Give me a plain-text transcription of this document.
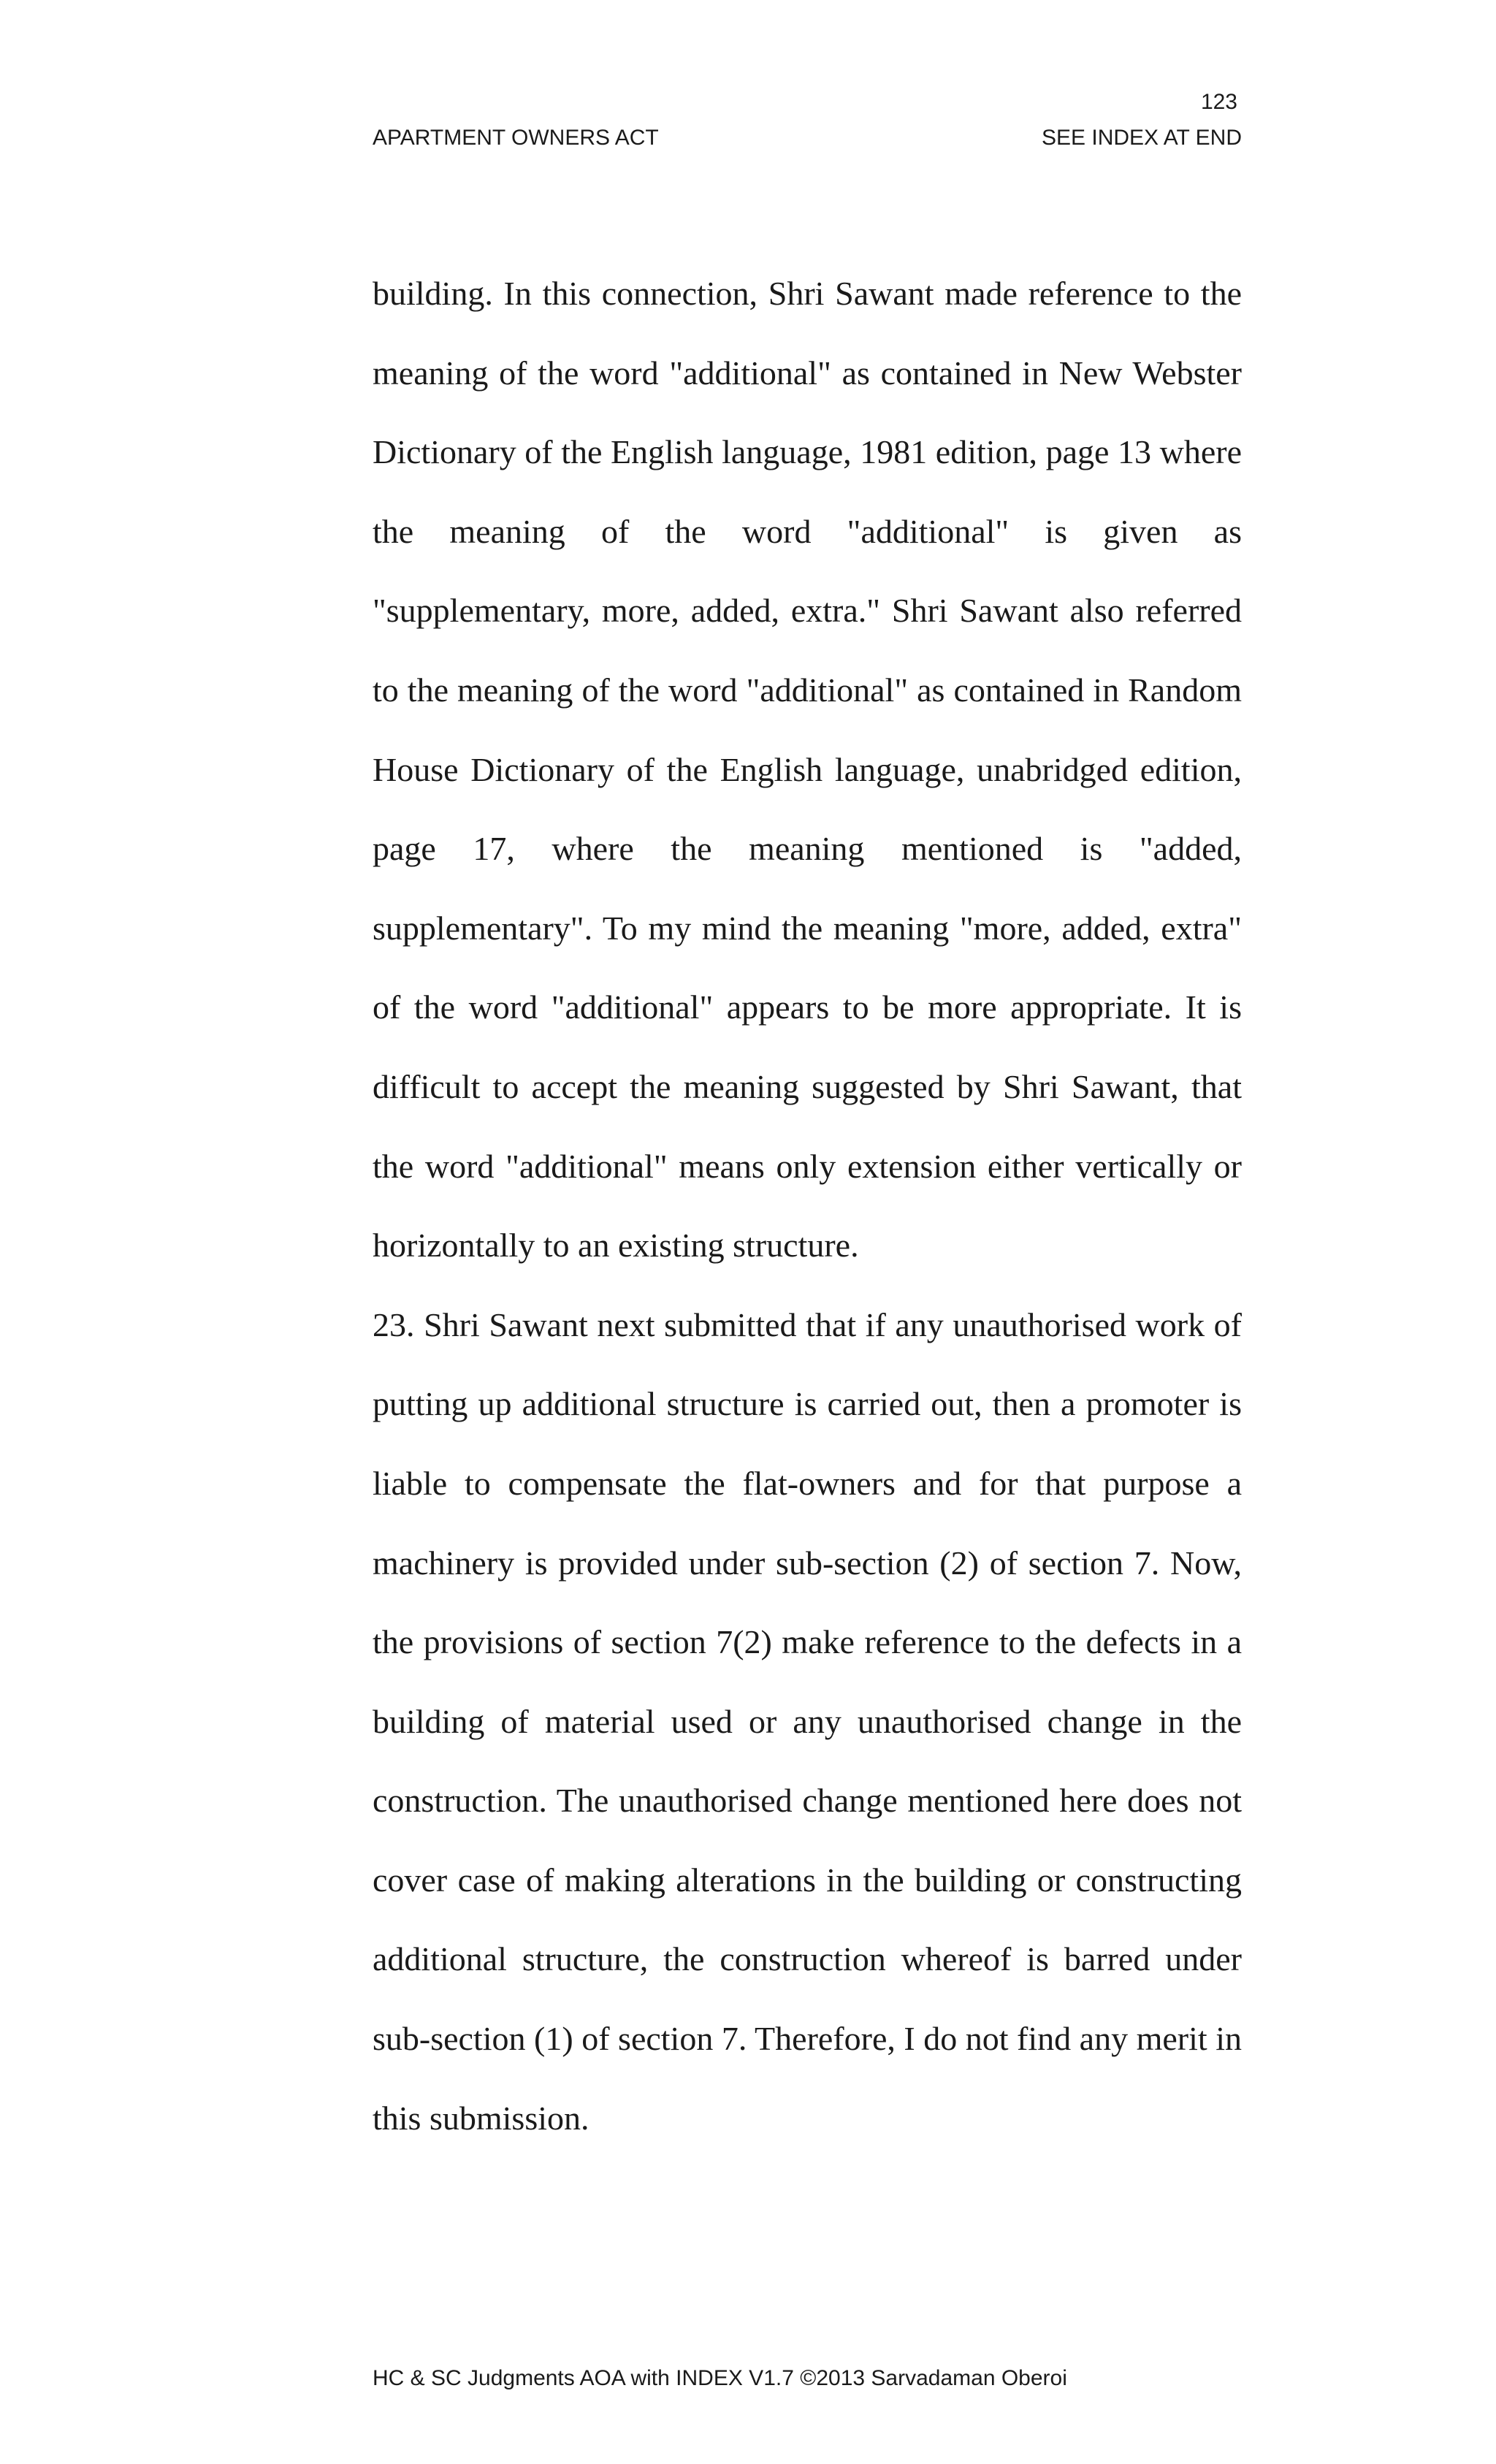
123
APARTMENT OWNERS ACT	SEE INDEX AT END

building. In this connection, Shri Sawant made reference to the meaning of the word "additional" as contained in New Webster Dictionary of the English language, 1981 edition, page 13 where the meaning of the word "additional" is given as "supplementary, more, added, extra." Shri Sawant also referred to the meaning of the word "additional" as contained in Random House Dictionary of the English language, unabridged edition, page 17, where the meaning mentioned is "added, supplementary". To my mind the meaning "more, added, extra" of the word "additional" appears to be more appropriate. It is difficult to accept the meaning suggested by Shri Sawant, that the word "additional" means only extension either vertically or horizontally to an existing structure.

23. Shri Sawant next submitted that if any unauthorised work of putting up additional structure is carried out, then a promoter is liable to compensate the flat-owners and for that purpose a machinery is provided under sub-section (2) of section 7. Now, the provisions of section 7(2) make reference to the defects in a building of material used or any unauthorised change in the construction. The unauthorised change mentioned here does not cover case of making alterations in the building or constructing additional structure, the construction whereof is barred under sub-section (1) of section 7. Therefore, I do not find any merit in this submission.

HC & SC Judgments AOA with INDEX V1.7 ©2013 Sarvadaman Oberoi
